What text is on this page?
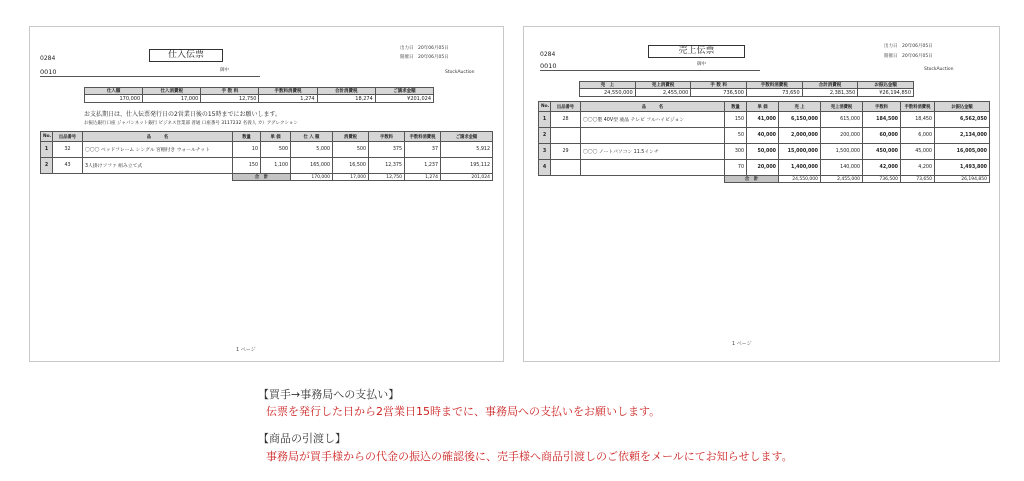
0284
0010	御中
仕入伝票
出力日　 20年06月05日
開催日　 20年06月05日
StockAuction
仕入額	仕入消費税	手 数 料	手数料消費税	合計消費税	ご請求金額
170,000	17,000	12,750	1,274	18,274	¥201,024
お支払期日は、仕入伝票発行日の2営業日後の15時までにお願いします。
お振込銀行口座 ジャパンネット銀行 ビジネス営業部 普通 口座番号 3117232 名義人 カ）アグレクション
No.	出品番号	品　　　名	数量	単 価	仕 入 額	消費税	手数料	手数料消費税	ご請求金額
1	32	〇〇〇 ベッドフレーム シングル 宮棚付き ウォールナット	10	500	5,000	500	375	37	5,912
2	43	3人掛けソファ 組み立て式	150	1,100	165,000	16,500	12,375	1,237	195,112
			合　計		170,000	17,000	12,750	1,274	201,024
1 ページ
0284
0010	御中
売上伝票	出力日　 20年06月05日
開催日　 20年06月05日
StockAuction
売　上	売上消費税	手 数 料	手数料消費税	合計消費税	お振込金額
24,550,000	2,455,000	736,500	73,650	2,381,350	¥26,194,850
No.	出品番号	品　　　名	数量	単 価	売 上	売上消費税	手数料	手数料消費税	お振込金額
1	28	〇〇〇製 40V型 液晶 テレビ フルハイビジョン	150	41,000	6,150,000	615,000	184,500	18,450	6,562,050
2			50	40,000	2,000,000	200,000	60,000	6,000	2,134,000
3	29	〇〇〇 ノートパソコン 11.5インチ	300	50,000	15,000,000	1,500,000	450,000	45,000	16,005,000
4			70	20,000	1,400,000	140,000	42,000	4,200	1,493,800
			合　計		24,550,000	2,455,000	736,500	73,650	26,194,850
1 ページ
【買手→事務局への支払い】
伝票を発行した日から2営業日15時までに、事務局への支払いをお願いします。
【商品の引渡し】
事務局が買手様からの代金の振込の確認後に、売手様へ商品引渡しのご依頼をメールにてお知らせします。
